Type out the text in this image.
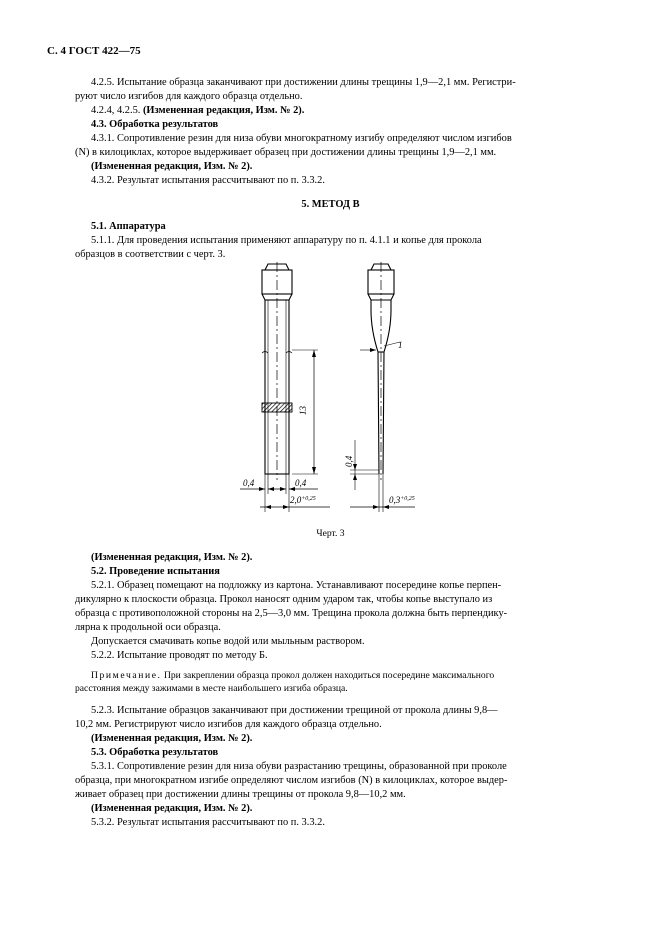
С. 4 ГОСТ 422—75
4.2.5. Испытание образца заканчивают при достижении длины трещины 1,9—2,1 мм. Регистри-
руют число изгибов для каждого образца отдельно.
4.2.4, 4.2.5. (Измененная редакция, Изм. № 2).
4.3. Обработка результатов
4.3.1. Сопротивление резин для низа обуви многократному изгибу определяют числом изгибов
(N) в килоциклах, которое выдерживает образец при достижении длины трещины 1,9—2,1 мм.
(Измененная редакция, Изм. № 2).
4.3.2. Результат испытания рассчитывают по п. 3.3.2.
5. МЕТОД В
5.1. Аппаратура
5.1.1. Для проведения испытания применяют аппаратуру по п. 4.1.1 и копье для прокола
образцов в соответствии с черт. 3.
13
0,4	0,4
$2,0^{+0,25}$
0,4
1
$0,3^{+0,25}$
Черт. 3
(Измененная редакция, Изм. № 2).
5.2. Проведение испытания
5.2.1. Образец помещают на подложку из картона. Устанавливают посередине копье перпен-
дикулярно к плоскости образца. Прокол наносят одним ударом так, чтобы копье выступало из
образца с противоположной стороны на 2,5—3,0 мм. Трещина прокола должна быть перпендику-
лярна к продольной оси образца.
Допускается смачивать копье водой или мыльным раствором.
5.2.2. Испытание проводят по методу Б.
Примечание. При закреплении образца прокол должен находиться посередине максимального
расстояния между зажимами в месте наибольшего изгиба образца.
5.2.3. Испытание образцов заканчивают при достижении трещиной от прокола длины 9,8—
10,2 мм. Регистрируют число изгибов для каждого образца отдельно.
(Измененная редакция, Изм. № 2).
5.3. Обработка результатов
5.3.1. Сопротивление резин для низа обуви разрастанию трещины, образованной при проколе
образца, при многократном изгибе определяют числом изгибов (N) в килоциклах, которое выдер-
живает образец при достижении длины трещины от прокола 9,8—10,2 мм.
(Измененная редакция, Изм. № 2).
5.3.2. Результат испытания рассчитывают по п. 3.3.2.
